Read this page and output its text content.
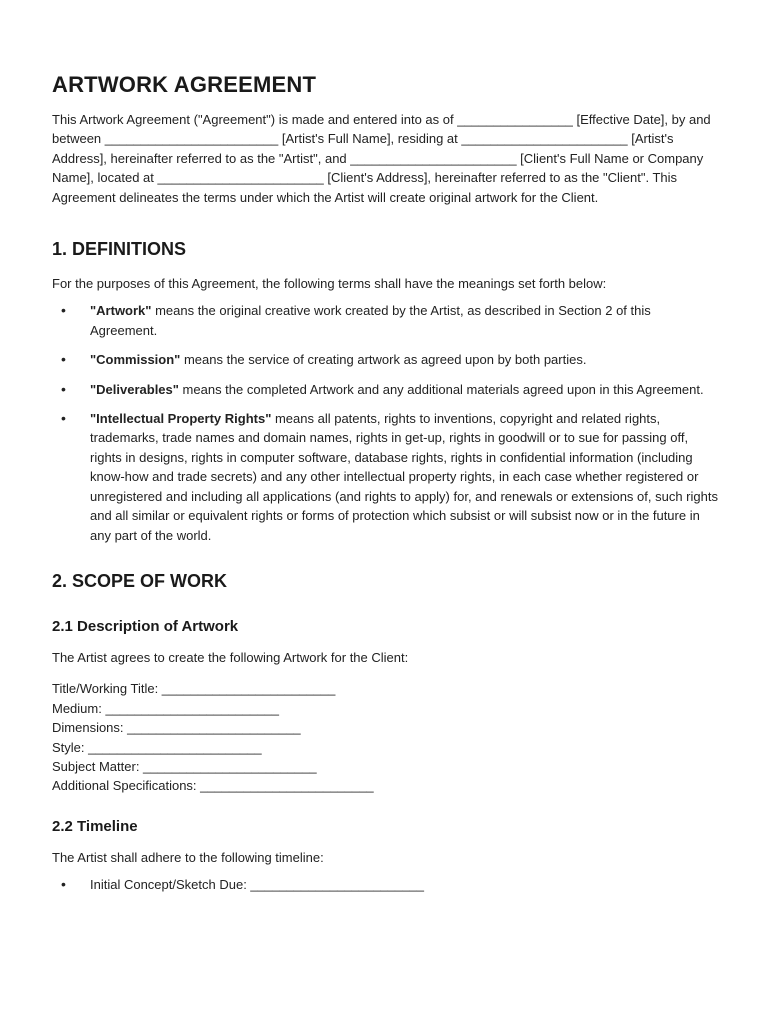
ARTWORK AGREEMENT

This Artwork Agreement ("Agreement") is made and entered into as of ________________ [Effective Date], by and between ________________________ [Artist's Full Name], residing at _______________________ [Artist's Address], hereinafter referred to as the "Artist", and _______________________ [Client's Full Name or Company Name], located at _______________________ [Client's Address], hereinafter referred to as the "Client". This Agreement delineates the terms under which the Artist will create original artwork for the Client.

1. DEFINITIONS

For the purposes of this Agreement, the following terms shall have the meanings set forth below:

• "Artwork" means the original creative work created by the Artist, as described in Section 2 of this Agreement.
• "Commission" means the service of creating artwork as agreed upon by both parties.
• "Deliverables" means the completed Artwork and any additional materials agreed upon in this Agreement.
• "Intellectual Property Rights" means all patents, rights to inventions, copyright and related rights, trademarks, trade names and domain names, rights in get-up, rights in goodwill or to sue for passing off, rights in designs, rights in computer software, database rights, rights in confidential information (including know-how and trade secrets) and any other intellectual property rights, in each case whether registered or unregistered and including all applications (and rights to apply) for, and renewals or extensions of, such rights and all similar or equivalent rights or forms of protection which subsist or will subsist now or in the future in any part of the world.
2. SCOPE OF WORK
2.1 Description of Artwork

The Artist agrees to create the following Artwork for the Client:

Title/Working Title: ________________________
Medium: ________________________
Dimensions: ________________________
Style: ________________________
Subject Matter: ________________________
Additional Specifications: ________________________
2.2 Timeline

The Artist shall adhere to the following timeline:

• Initial Concept/Sketch Due: ________________________
